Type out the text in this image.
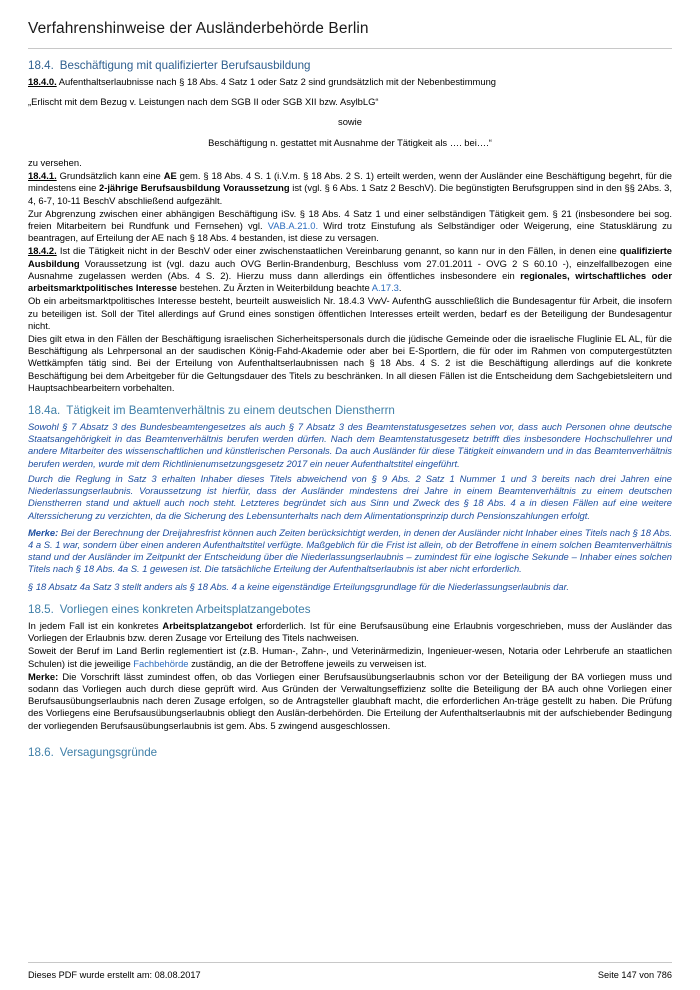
Verfahrenshinweise der Ausländerbehörde Berlin
18.4. Beschäftigung mit qualifizierter Berufsausbildung

18.4.0. Aufenthaltserlaubnisse nach § 18 Abs. 4 Satz 1 oder Satz 2 sind grundsätzlich mit der Nebenbestimmung

„Erlischt mit dem Bezug v. Leistungen nach dem SGB II oder SGB XII bzw. AsylbLG“

sowie

Beschäftigung n. gestattet mit Ausnahme der Tätigkeit als …. bei….“

zu versehen.

18.4.1. Grundsätzlich kann eine AE gem. § 18 Abs. 4 S. 1 (i.V.m. § 18 Abs. 2 S. 1) erteilt werden, wenn der Ausländer eine Beschäftigung begehrt, für die mindestens eine 2-jährige Berufsausbildung Voraussetzung ist (vgl. § 6 Abs. 1 Satz 2 BeschV). Die begünstigten Berufsgruppen sind in den §§ 2Abs. 3, 4, 6-7, 10-11 BeschV abschließend aufgezählt.

Zur Abgrenzung zwischen einer abhängigen Beschäftigung iSv. § 18 Abs. 4 Satz 1 und einer selbständigen Tätigkeit gem. § 21 (insbesondere bei sog. freien Mitarbeitern bei Rundfunk und Fernsehen) vgl. VAB.A.21.0. Wird trotz Einstufung als Selbständiger oder Weigerung, eine Statusklärung zu beantragen, auf Erteilung der AE nach § 18 Abs. 4 bestanden, ist diese zu versagen.

18.4.2. Ist die Tätigkeit nicht in der BeschV oder einer zwischenstaatlichen Vereinbarung genannt, so kann nur in den Fällen, in denen eine qualifizierte Ausbildung Voraussetzung ist (vgl. dazu auch OVG Berlin-Brandenburg, Beschluss vom 27.01.2011 - OVG 2 S 60.10 -), einzelfallbezogen eine Ausnahme zugelassen werden (Abs. 4 S. 2). Hierzu muss dann allerdings ein öffentliches insbesondere ein regionales, wirtschaftliches oder arbeitsmarktpolitisches Interesse bestehen. Zu Ärzten in Weiterbildung beachte A.17.3.

Ob ein arbeitsmarktpolitisches Interesse besteht, beurteilt ausweislich Nr. 18.4.3 VwV- AufenthG ausschließlich die Bundesagentur für Arbeit, die insofern zu beteiligen ist. Soll der Titel allerdings auf Grund eines sonstigen öffentlichen Interesses erteilt werden, bedarf es der Beteiligung der Bundesagentur nicht.

Dies gilt etwa in den Fällen der Beschäftigung israelischen Sicherheitspersonals durch die jüdische Gemeinde oder die israelische Fluglinie EL AL, für die Beschäftigung als Lehrpersonal an der saudischen König-Fahd-Akademie oder aber bei E-Sportlern, die für oder im Rahmen von computergestützten Wettkämpfen tätig sind. Bei der Erteilung von Aufenthaltserlaubnissen nach § 18 Abs. 4 S. 2 ist die Beschäftigung allerdings auf die konkrete Beschäftigung bei dem Arbeitgeber für die Geltungsdauer des Titels zu beschränken. In all diesen Fällen ist die Entscheidung dem Sachgebietsleitern und Hauptsachbearbeitern vorbehalten.

18.4a. Tätigkeit im Beamtenverhältnis zu einem deutschen Dienstherrn

Sowohl § 7 Absatz 3 des Bundesbeamtengesetzes als auch § 7 Absatz 3 des Beamtenstatusgesetzes sehen vor, dass auch Personen ohne deutsche Staatsangehörigkeit in das Beamtenverhältnis berufen werden dürfen. Nach dem Beamtenstatusgesetz betrifft dies insbesondere Hochschullehrer und andere Mitarbeiter des wissenschaftlichen und künstlerischen Personals. Da auch Ausländer für diese Tätigkeit einwandern und in das Beamtenverhältnis berufen werden, wurde mit dem Richtlinienumsetzungsgesetz 2017 ein neuer Aufenthaltstitel eingeführt.

Durch die Reglung in Satz 3 erhalten Inhaber dieses Titels abweichend von § 9 Abs. 2 Satz 1 Nummer 1 und 3 bereits nach drei Jahren eine Niederlassungserlaubnis. Voraussetzung ist hierfür, dass der Ausländer mindestens drei Jahre in einem Beamtenverhältnis zu einem deutschen Dienstherren stand und aktuell auch noch steht. Letzteres begründet sich aus Sinn und Zweck des § 18 Abs. 4 a in diesen Fällen auf eine weitere Alterssicherung zu verzichten, da die Sicherung des Lebensunterhalts nach dem Alimentationsprinzip durch Pensionszahlungen erfolgt.

Merke: Bei der Berechnung der Dreijahresfrist können auch Zeiten berücksichtigt werden, in denen der Ausländer nicht Inhaber eines Titels nach § 18 Abs. 4 a S. 1 war, sondern über einen anderen Aufenthaltstitel verfügte. Maßgeblich für die Frist ist allein, ob der Betroffene in einem solchen Beamtenverhältnis stand und der Ausländer im Zeitpunkt der Entscheidung über die Niederlassungserlaubnis – zumindest für eine logische Sekunde – Inhaber eines solchen Titels nach § 18 Abs. 4a S. 1 gewesen ist. Die tatsächliche Erteilung der Aufenthaltserlaubnis ist aber nicht erforderlich.

§ 18 Absatz 4a Satz 3 stellt anders als § 18 Abs. 4 a keine eigenständige Erteilungsgrundlage für die Niederlassungserlaubnis dar.

18.5. Vorliegen eines konkreten Arbeitsplatzangebotes

In jedem Fall ist ein konkretes Arbeitsplatzangebot erforderlich. Ist für eine Berufsausübung eine Erlaubnis vorgeschrieben, muss der Ausländer das Vorliegen der Erlaubnis bzw. deren Zusage vor Erteilung des Titels nachweisen.

Soweit der Beruf im Land Berlin reglementiert ist (z.B. Human-, Zahn-, und Veterinärmedizin, Ingenieuer-wesen, Notaria oder Lehrberufe an staatlichen Schulen) ist die jeweilige Fachbehörde zuständig, an die der Betroffene jeweils zu verweisen ist.

Merke: Die Vorschrift lässt zumindest offen, ob das Vorliegen einer Berufsausübungserlaubnis schon vor der Beteiligung der BA vorliegen muss und sodann das Vorliegen auch durch diese geprüft wird. Aus Gründen der Verwaltungseffizienz sollte die Beteiligung der BA auch ohne Vorliegen einer Berufsausübungserlaubnis nach deren Zusage erfolgen, so de Antragsteller glaubhaft macht, die erforderlichen An-träge gestellt zu haben. Die Prüfung des Vorliegens eine Berufsausübungserlaubnis obliegt den Auslän-derbehörden. Die Erteilung der Aufenthaltserlaubnis mit der aufschiebender Bedingung der vorliegenden Berufsausübungserlaubnis ist gem. Abs. 5 zwingend ausgeschlossen.

18.6. Versagungsgründe
Dieses PDF wurde erstellt am: 08.08.2017	Seite 147 von 786
